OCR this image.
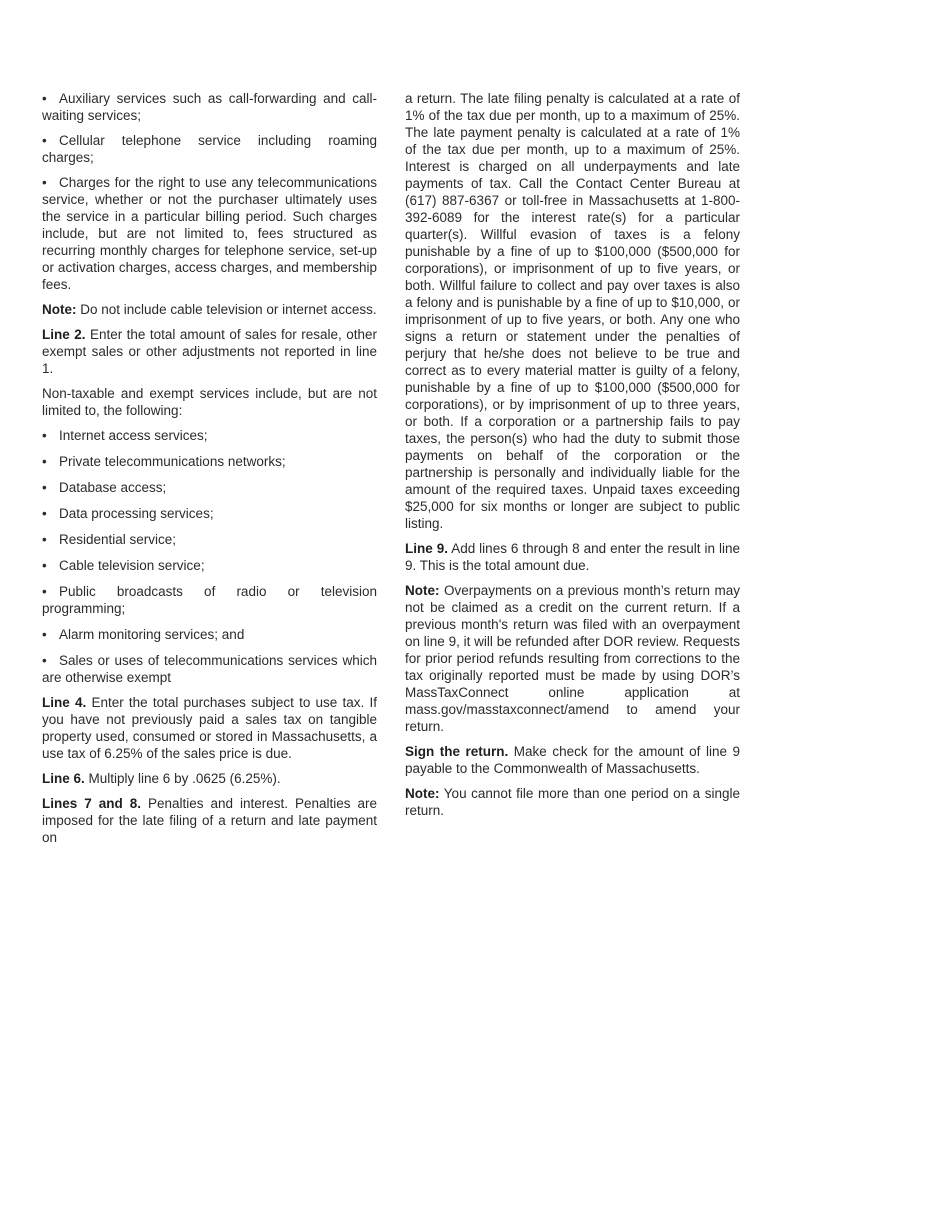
• Auxiliary services such as call-forwarding and call-waiting services;

• Cellular telephone service including roaming charges;

• Charges for the right to use any telecommunications service, whether or not the purchaser ultimately uses the service in a particular billing period. Such charges include, but are not limited to, fees structured as recurring monthly charges for telephone service, set-up or activation charges, access charges, and membership fees.

Note: Do not include cable television or internet access.

Line 2. Enter the total amount of sales for resale, other exempt sales or other adjustments not reported in line 1.

Non-taxable and exempt services include, but are not limited to, the following:

• Internet access services;

• Private telecommunications networks;

• Database access;

• Data processing services;

• Residential service;

• Cable television service;

• Public broadcasts of radio or television programming;

• Alarm monitoring services; and

• Sales or uses of telecommunications services which are otherwise exempt

Line 4. Enter the total purchases subject to use tax. If you have not previously paid a sales tax on tangible property used, consumed or stored in Massachusetts, a use tax of 6.25% of the sales price is due.

Line 6. Multiply line 6 by .0625 (6.25%).

Lines 7 and 8. Penalties and interest. Penalties are imposed for the late filing of a return and late payment on

a return. The late filing penalty is calculated at a rate of 1% of the tax due per month, up to a maximum of 25%. The late payment penalty is calculated at a rate of 1% of the tax due per month, up to a maximum of 25%. Interest is charged on all underpayments and late payments of tax. Call the Contact Center Bureau at (617) 887-6367 or toll-free in Massachusetts at 1-800-392-6089 for the interest rate(s) for a particular quarter(s). Willful evasion of taxes is a felony punishable by a fine of up to $100,000 ($500,000 for corporations), or imprisonment of up to five years, or both. Willful failure to collect and pay over taxes is also a felony and is punishable by a fine of up to $10,000, or imprisonment of up to five years, or both. Any one who signs a return or statement under the penalties of perjury that he/she does not believe to be true and correct as to every material matter is guilty of a felony, punishable by a fine of up to $100,000 ($500,000 for corporations), or by imprisonment of up to three years, or both. If a corporation or a partnership fails to pay taxes, the person(s) who had the duty to submit those payments on behalf of the corporation or the partnership is personally and individually liable for the amount of the required taxes. Unpaid taxes exceeding $25,000 for six months or longer are subject to public listing.

Line 9. Add lines 6 through 8 and enter the result in line 9. This is the total amount due.

Note: Overpayments on a previous month’s return may not be claimed as a credit on the current return. If a previous month's return was filed with an overpayment on line 9, it will be refunded after DOR review. Requests for prior period refunds resulting from corrections to the tax originally reported must be made by using DOR’s MassTaxConnect online application at mass.gov/masstaxconnect/amend to amend your return.

Sign the return. Make check for the amount of line 9 payable to the Commonwealth of Massachusetts.

Note: You cannot file more than one period on a single return.
